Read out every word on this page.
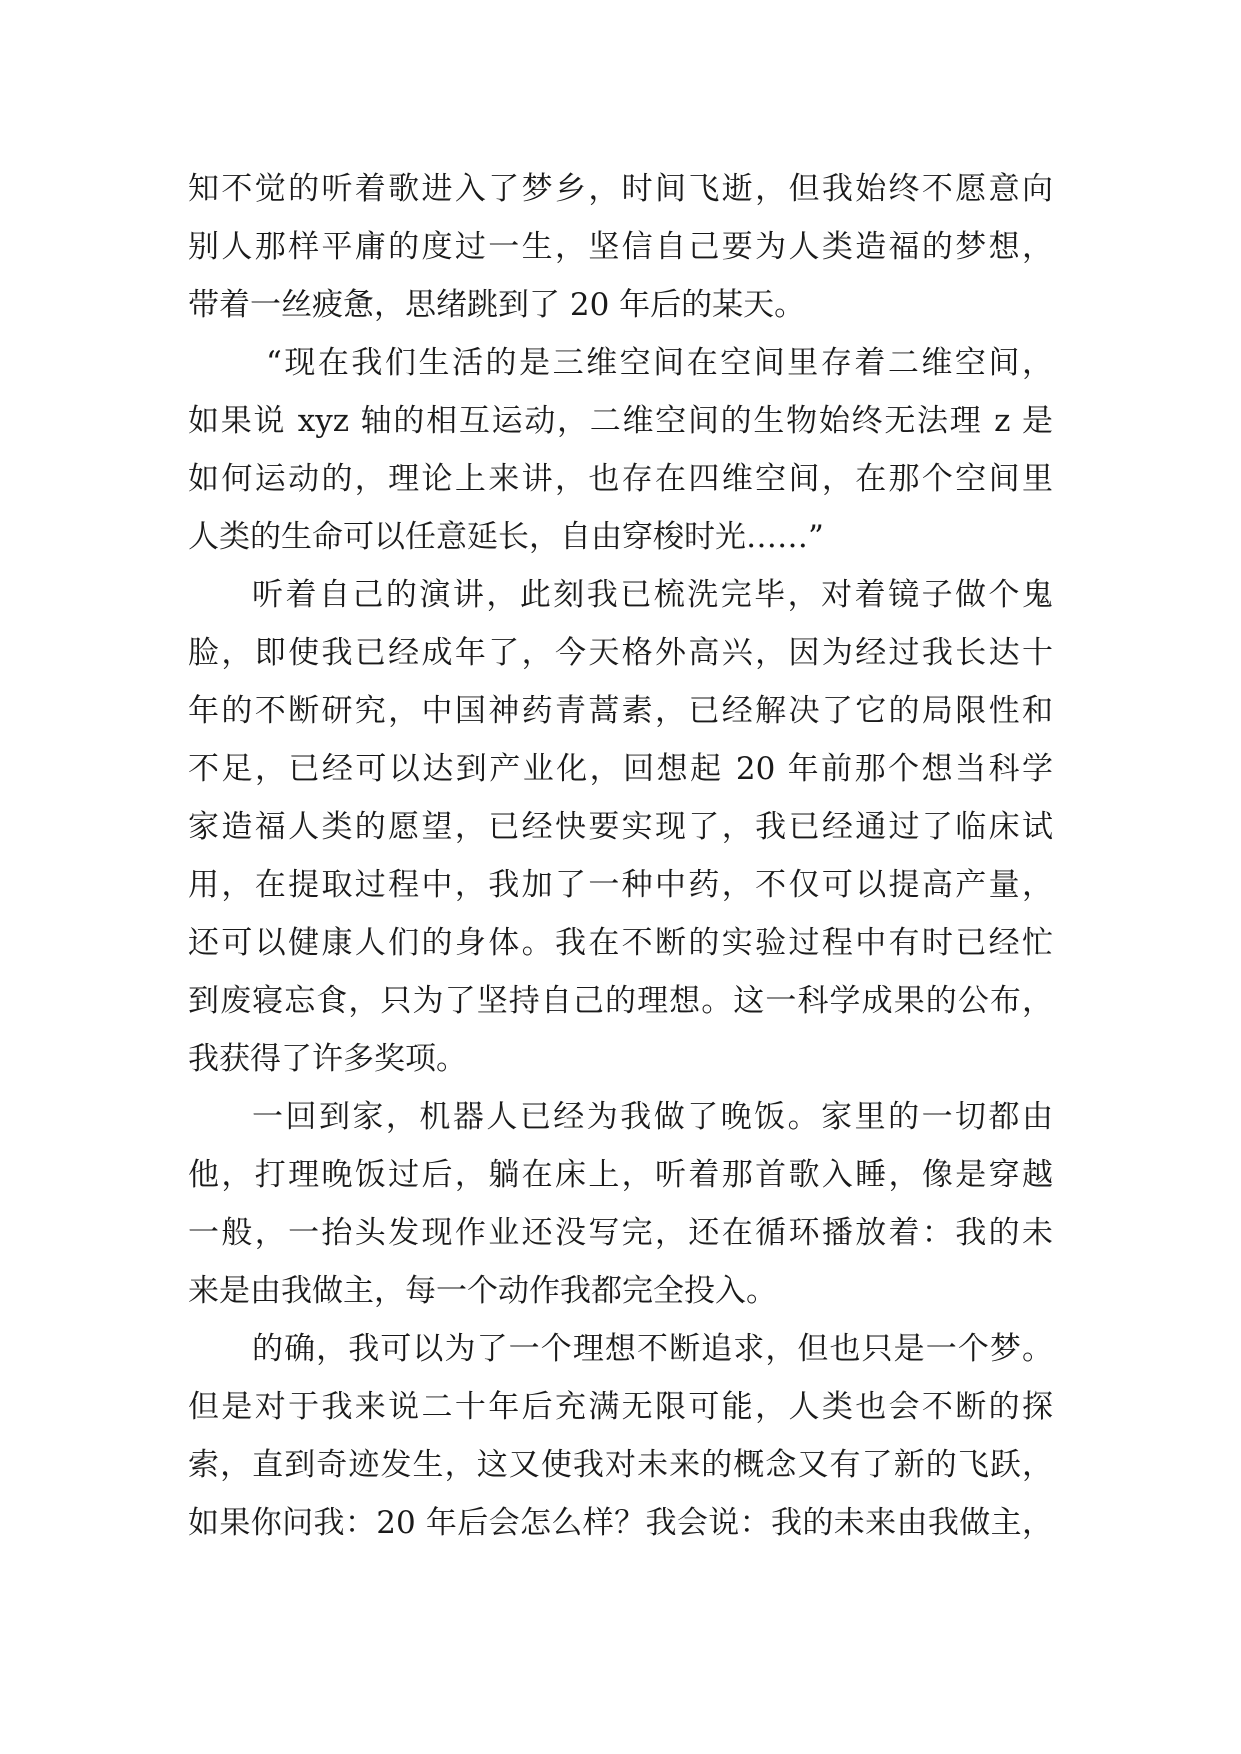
知不觉的听着歌进入了梦乡，时间飞逝，但我始终不愿意向
别人那样平庸的度过一生，坚信自己要为人类造福的梦想，
带着一丝疲惫，思绪跳到了 20 年后的某天。
“现在我们生活的是三维空间在空间里存着二维空间，
如果说 xyz 轴的相互运动，二维空间的生物始终无法理 z 是
如何运动的，理论上来讲，也存在四维空间，在那个空间里
人类的生命可以任意延长，自由穿梭时光……”
听着自己的演讲，此刻我已梳洗完毕，对着镜子做个鬼
脸，即使我已经成年了，今天格外高兴，因为经过我长达十
年的不断研究，中国神药青蒿素，已经解决了它的局限性和
不足，已经可以达到产业化，回想起 20 年前那个想当科学
家造福人类的愿望，已经快要实现了，我已经通过了临床试
用，在提取过程中，我加了一种中药，不仅可以提高产量，
还可以健康人们的身体。我在不断的实验过程中有时已经忙
到废寝忘食，只为了坚持自己的理想。这一科学成果的公布，
我获得了许多奖项。
一回到家，机器人已经为我做了晚饭。家里的一切都由
他，打理晚饭过后，躺在床上，听着那首歌入睡，像是穿越
一般，一抬头发现作业还没写完，还在循环播放着：我的未
来是由我做主，每一个动作我都完全投入。
的确，我可以为了一个理想不断追求，但也只是一个梦。
但是对于我来说二十年后充满无限可能，人类也会不断的探
索，直到奇迹发生，这又使我对未来的概念又有了新的飞跃，
如果你问我：20 年后会怎么样？我会说：我的未来由我做主，
